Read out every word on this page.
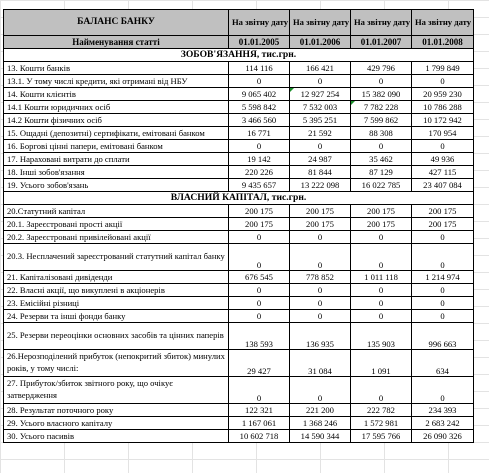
БАЛАНС БАНКУ	На звітну дату	На звітну дату	На звітну дату	На звітну дату
Найменування статті	01.01.2005	01.01.2006	01.01.2007	01.01.2008
ЗОБОВ'ЯЗАННЯ, тис.грн.				
13. Кошти банків	114 116	166 421	429 796	1 799 849
13.1. У тому числі кредити, які отримані від НБУ	0	0	0	0
14. Кошти клієнтів	9 065 402	12 927 254	15 382 090	20 959 230
14.1 Кошти юридичних осіб	5 598 842	7 532 003	7 782 228	10 786 288
14.2 Кошти фізичних осіб	3 466 560	5 395 251	7 599 862	10 172 942
15. Ощадні (депозитні) сертифікати, емітовані банком	16 771	21 592	88 308	170 954
16. Боргові цінні папери, емітовані банком	0	0	0	0
17. Нараховані витрати до сплати	19 142	24 987	35 462	49 936
18. Інші зобов'язання	220 226	81 844	87 129	427 115
19. Усього зобов'язань	9 435 657	13 222 098	16 022 785	23 407 084
ВЛАСНИЙ КАПІТАЛ, тис.грн.				
20.Статутний капітал	200 175	200 175	200 175	200 175
20.1. Зареєстровані прості акції	200 175	200 175	200 175	200 175
20.2. Зареєстровані привілейовані акції	0	0	0	0
20.3. Несплачений зареєстрований статутний капітал банку	0	0	0	0
21. Капіталізовані дивіденди	676 545	778 852	1 011 118	1 214 974
22. Власні акції, що викуплені в акціонерів	0	0	0	0
23. Емісійні різниці	0	0	0	0
24. Резерви та інші фонди банку	0	0	0	0
25. Резерви переоцінки основних засобів та цінних паперів	138 593	136 935	135 903	996 663
26.Нерозподілений прибуток (непокритий збиток) минулих років, у тому числі:	29 427	31 084	1 091	634
27. Прибуток/збиток звітного року, що очікує затвердження	0	0	0	0
28. Результат поточного року	122 321	221 200	222 782	234 393
29. Усього власного капіталу	1 167 061	1 368 246	1 572 981	2 683 242
30. Усього пасивів	10 602 718	14 590 344	17 595 766	26 090 326
